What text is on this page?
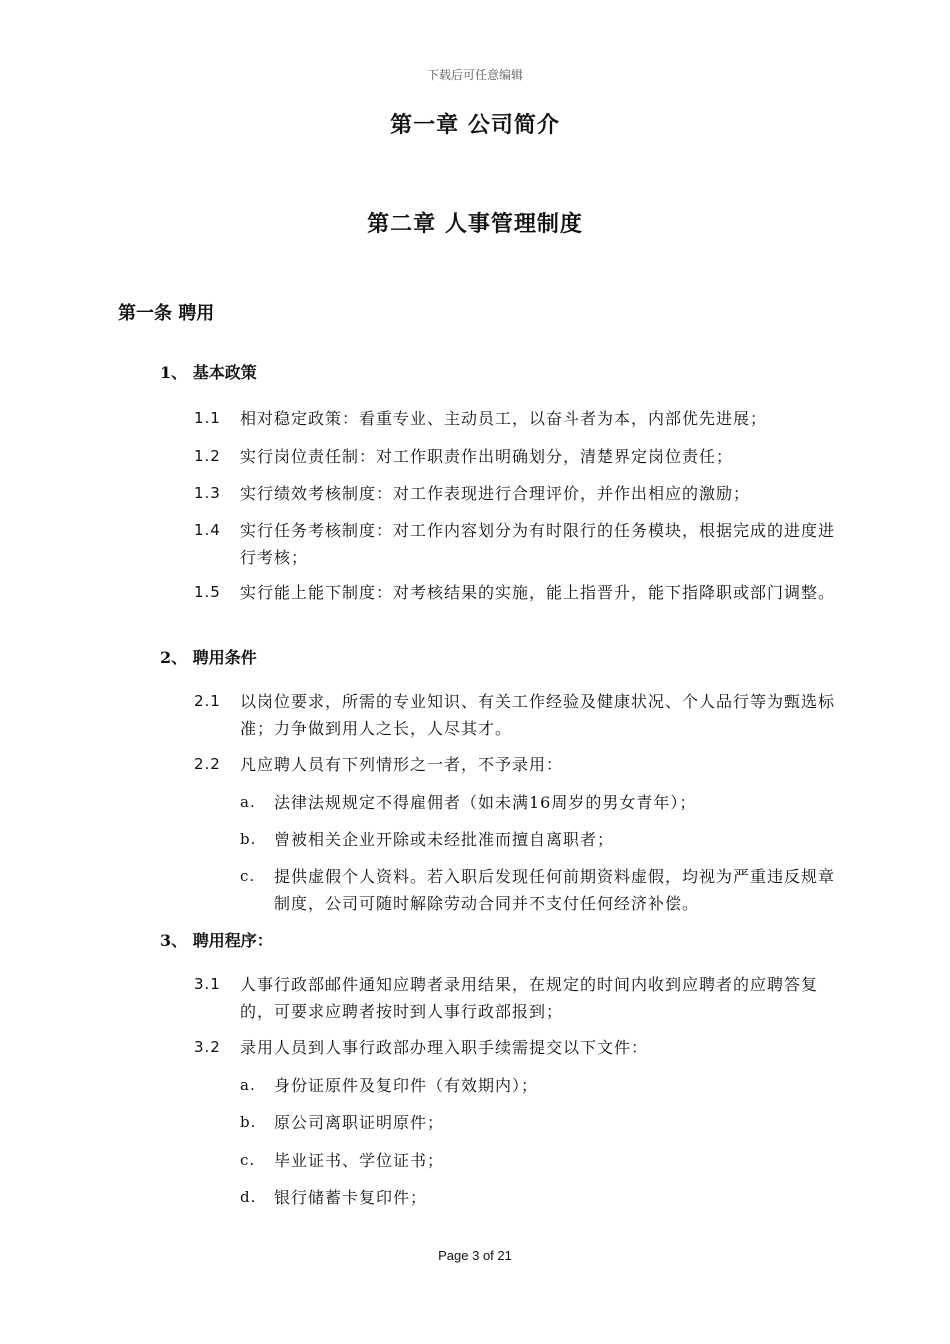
下载后可任意编辑
第一章 公司简介
第二章 人事管理制度
第一条 聘用
1、 基本政策
1.1 相对稳定政策：看重专业、主动员工，以奋斗者为本，内部优先进展；
1.2 实行岗位责任制：对工作职责作出明确划分，清楚界定岗位责任；
1.3 实行绩效考核制度：对工作表现进行合理评价，并作出相应的激励；
1.4 实行任务考核制度：对工作内容划分为有时限行的任务模块，根据完成的进度进行考核；
1.5 实行能上能下制度：对考核结果的实施，能上指晋升，能下指降职或部门调整。
2、 聘用条件
2.1 以岗位要求，所需的专业知识、有关工作经验及健康状况、个人品行等为甄选标准；力争做到用人之长，人尽其才。
2.2 凡应聘人员有下列情形之一者，不予录用：
a. 法律法规规定不得雇佣者（如未满16周岁的男女青年）；
b. 曾被相关企业开除或未经批准而擅自离职者；
c. 提供虚假个人资料。若入职后发现任何前期资料虚假，均视为严重违反规章制度，公司可随时解除劳动合同并不支付任何经济补偿。
3、 聘用程序：
3.1 人事行政部邮件通知应聘者录用结果，在规定的时间内收到应聘者的应聘答复的，可要求应聘者按时到人事行政部报到；
3.2 录用人员到人事行政部办理入职手续需提交以下文件：
a. 身份证原件及复印件（有效期内）；
b. 原公司离职证明原件；
c. 毕业证书、学位证书；
d. 银行储蓄卡复印件；
Page 3 of 21
